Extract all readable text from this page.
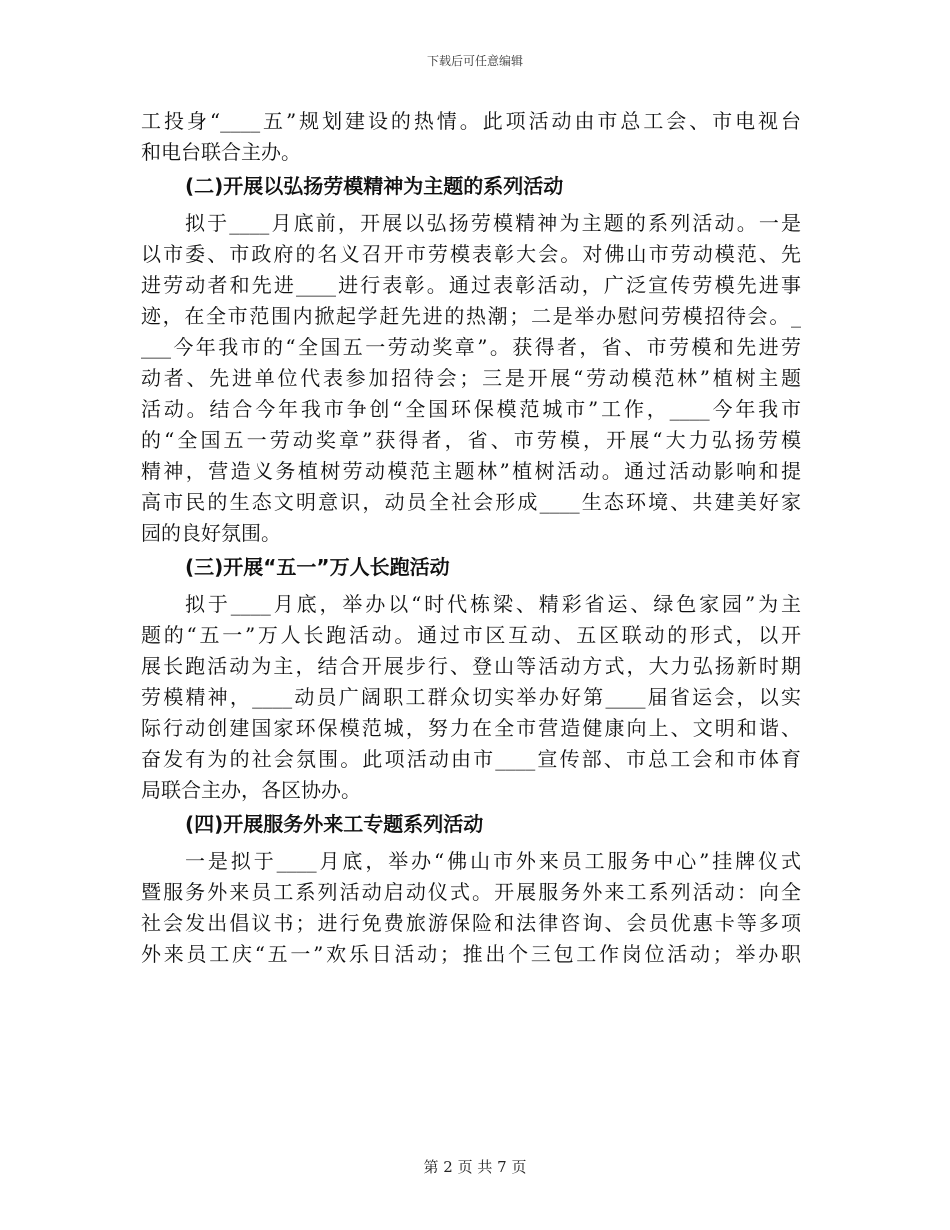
下载后可任意编辑
工投身“____五”规划建设的热情。此项活动由市总工会、市电视台
和电台联合主办。
(二)开展以弘扬劳模精神为主题的系列活动
拟于____月底前，开展以弘扬劳模精神为主题的系列活动。一是
以市委、市政府的名义召开市劳模表彰大会。对佛山市劳动模范、先
进劳动者和先进____进行表彰。通过表彰活动，广泛宣传劳模先进事
迹，在全市范围内掀起学赶先进的热潮；二是举办慰问劳模招待会。_
___今年我市的“全国五一劳动奖章”。获得者，省、市劳模和先进劳
动者、先进单位代表参加招待会；三是开展“劳动模范林”植树主题
活动。结合今年我市争创“全国环保模范城市”工作，____今年我市
的“全国五一劳动奖章”获得者，省、市劳模，开展“大力弘扬劳模
精神，营造义务植树劳动模范主题林”植树活动。通过活动影响和提
高市民的生态文明意识，动员全社会形成____生态环境、共建美好家
园的良好氛围。
(三)开展“五一”万人长跑活动
拟于____月底，举办以“时代栋梁、精彩省运、绿色家园”为主
题的“五一”万人长跑活动。通过市区互动、五区联动的形式，以开
展长跑活动为主，结合开展步行、登山等活动方式，大力弘扬新时期
劳模精神，____动员广阔职工群众切实举办好第____届省运会，以实
际行动创建国家环保模范城，努力在全市营造健康向上、文明和谐、
奋发有为的社会氛围。此项活动由市____宣传部、市总工会和市体育
局联合主办，各区协办。
(四)开展服务外来工专题系列活动
一是拟于____月底，举办“佛山市外来员工服务中心”挂牌仪式
暨服务外来员工系列活动启动仪式。开展服务外来工系列活动：向全
社会发出倡议书；进行免费旅游保险和法律咨询、会员优惠卡等多项
外来员工庆“五一”欢乐日活动；推出个三包工作岗位活动；举办职
第 2 页 共 7 页
